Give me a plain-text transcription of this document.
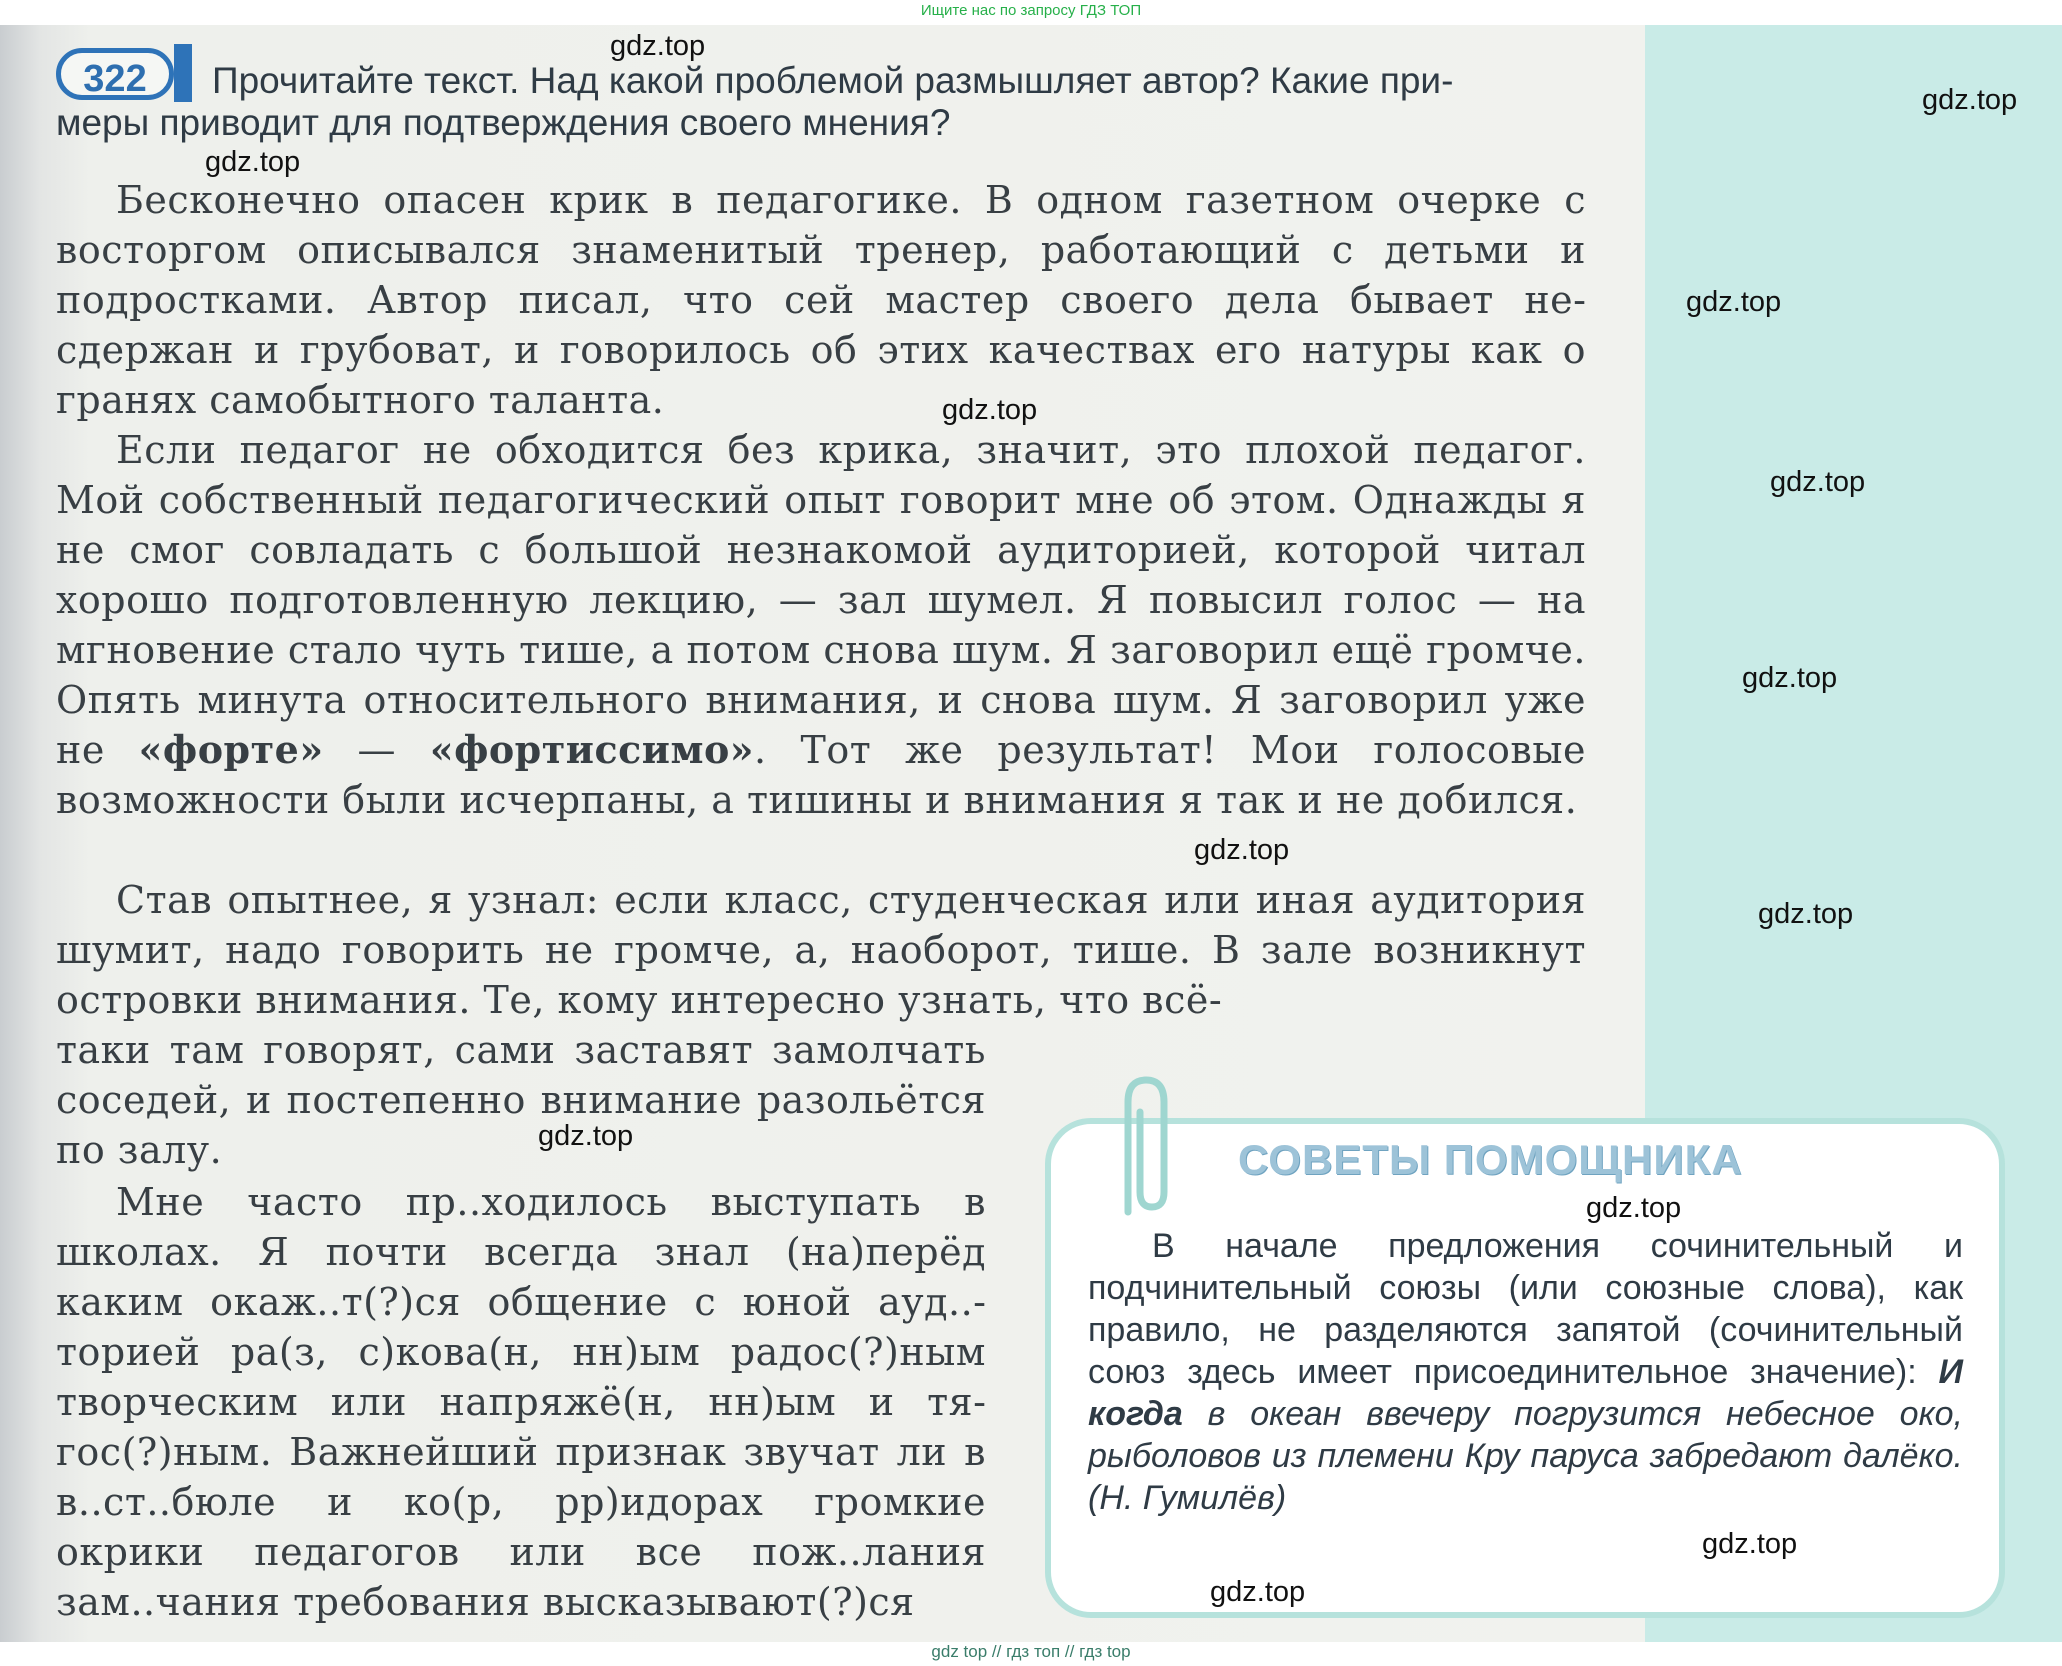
Ищите нас по запросу ГДЗ ТОП
322	Прочитайте текст. Над какой проблемой размышляет автор? Какие при-
меры приводит для подтверждения своего мнения?
Бесконечно опасен крик в педагогике. В одном газетном очерке с восторгом описывался знаменитый тренер, работающий с детьми и подростками. Автор писал, что сей мастер своего дела бывает несдержан и грубоват, и говорилось об этих качествах его натуры как о гранях самобытного таланта.
Если педагог не обходится без крика, значит, это плохой педагог. Мой собственный педагогический опыт говорит мне об этом. Однажды я не смог совладать с большой незнакомой аудиторией, которой читал хорошо подготовленную лекцию, — зал шумел. Я повысил голос — на мгновение стало чуть тише, а потом снова шум. Я заговорил ещё громче. Опять минута относительного внимания, и снова шум. Я заговорил уже не «форте» — «фортиссимо». Тот же результат! Мои голосовые возможности были исчерпаны, а тишины и внимания я так и не добился.
Став опытнее, я узнал: если класс, студенческая или иная аудитория шумит, надо говорить не громче, а, наоборот, тише. В зале возникнут островки внимания. Те, кому интересно узнать, что всё-
таки там говорят, сами заставят замолчать соседей, и постепенно внимание разольётся по залу.
Мне часто пр..ходилось выступать в школах. Я почти всегда знал (на)перёд каким окаж..т(?)ся общение с юной ауд..торией ра(з, с)кова(н, нн)ым радос(?)ным творческим или напряжё(н, нн)ым и тягос(?)ным. Важнейший признак звучат ли в в..ст..бюле и ко(р, рр)идорах громкие окрики педагогов или все пож..лания зам..чания требования высказывают(?)ся
СОВЕТЫ ПОМОЩНИКА
В начале предложения сочинительный и подчинительный союзы (или союзные слова), как правило, не разделяются запятой (сочинительный союз здесь имеет присоединительное значение): И когда в океан ввечеру погрузится небесное око, рыболовов из племени Кру паруса забредают далёко. (Н. Гумилёв)
gdz.top
gdz.top
gdz.top
gdz.top
gdz.top
gdz.top
gdz.top
gdz.top
gdz.top
gdz.top
gdz.top
gdz.top
gdz.top
gdz top // гдз топ // гдз top
